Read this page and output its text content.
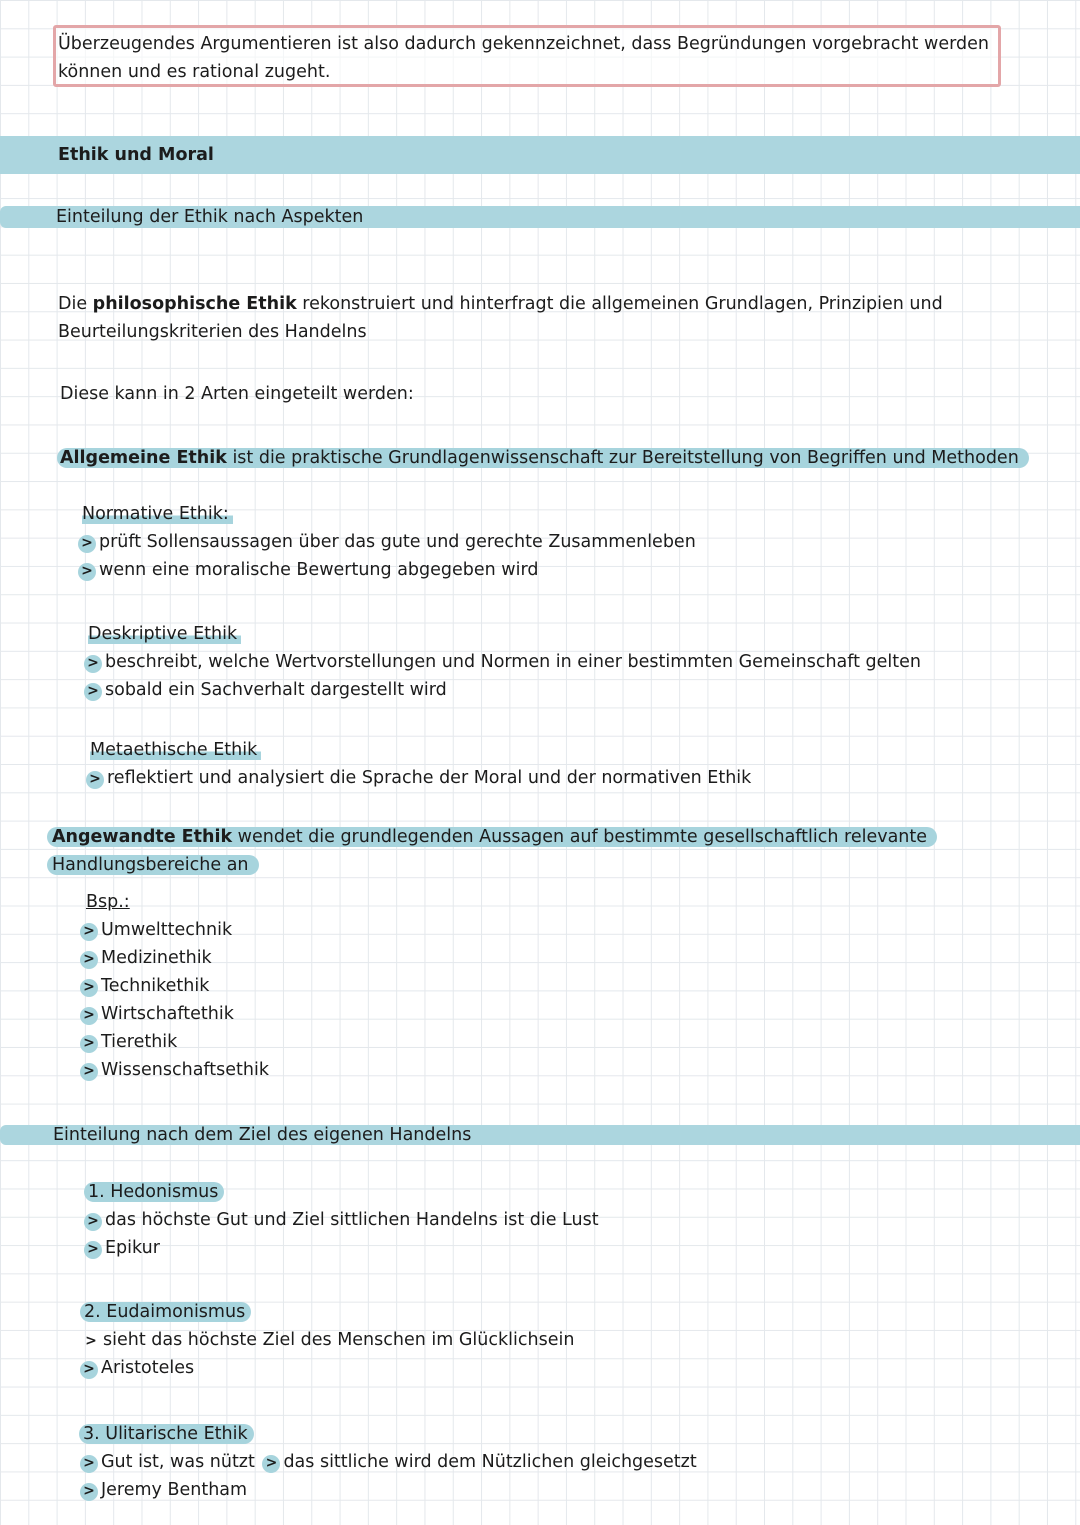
Überzeugendes Argumentieren ist also dadurch gekennzeichnet, dass Begründungen vorgebracht werden
können und es rational zugeht.
Ethik und Moral
Einteilung der Ethik nach Aspekten
Die philosophische Ethik rekonstruiert und hinterfragt die allgemeinen Grundlagen, Prinzipien und
Beurteilungskriterien des Handelns
Diese kann in 2 Arten eingeteilt werden:
Allgemeine Ethik ist die praktische Grundlagenwissenschaft zur Bereitstellung von Begriffen und Methoden
Normative Ethik:
> prüft Sollensaussagen über das gute und gerechte Zusammenleben
> wenn eine moralische Bewertung abgegeben wird
Deskriptive Ethik
> beschreibt, welche Wertvorstellungen und Normen in einer bestimmten Gemeinschaft gelten
> sobald ein Sachverhalt dargestellt wird
Metaethische Ethik
> reflektiert und analysiert die Sprache der Moral und der normativen Ethik
Angewandte Ethik wendet die grundlegenden Aussagen auf bestimmte gesellschaftlich relevante
Handlungsbereiche an
Bsp.:
> Umwelttechnik
> Medizinethik
> Technikethik
> Wirtschaftethik
> Tierethik
> Wissenschaftsethik
Einteilung nach dem Ziel des eigenen Handelns
1. Hedonismus
> das höchste Gut und Ziel sittlichen Handelns ist die Lust
> Epikur
2. Eudaimonismus
> sieht das höchste Ziel des Menschen im Glücklichsein
> Aristoteles
3. Ulitarische Ethik
> Gut ist, was nützt > das sittliche wird dem Nützlichen gleichgesetzt
> Jeremy Bentham
